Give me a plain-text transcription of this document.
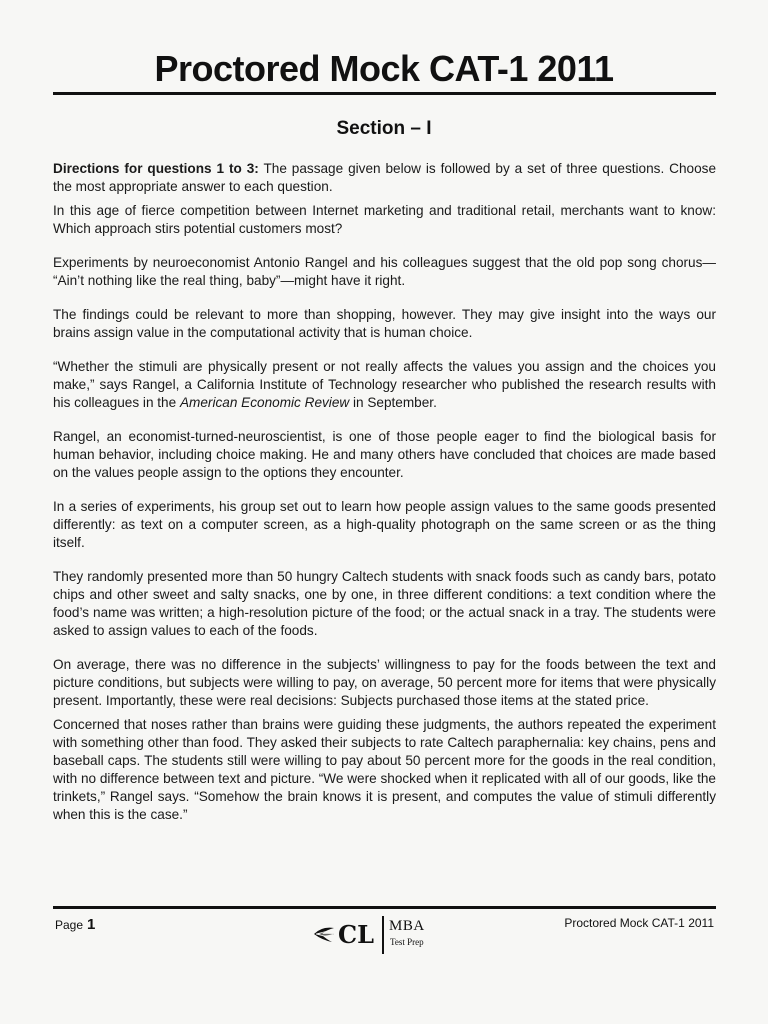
Proctored Mock CAT-1 2011
Section – I

Directions for questions 1 to 3: The passage given below is followed by a set of three questions. Choose the most appropriate answer to each question.

In this age of fierce competition between Internet marketing and traditional retail, merchants want to know: Which approach stirs potential customers most?

Experiments by neuroeconomist Antonio Rangel and his colleagues suggest that the old pop song chorus— “Ain’t nothing like the real thing, baby”—might have it right.

The findings could be relevant to more than shopping, however. They may give insight into the ways our brains assign value in the computational activity that is human choice.

“Whether the stimuli are physically present or not really affects the values you assign and the choices you make,” says Rangel, a California Institute of Technology researcher who published the research results with his colleagues in the American Economic Review in September.

Rangel, an economist-turned-neuroscientist, is one of those people eager to find the biological basis for human behavior, including choice making. He and many others have concluded that choices are made based on the values people assign to the options they encounter.

In a series of experiments, his group set out to learn how people assign values to the same goods presented differently: as text on a computer screen, as a high-quality photograph on the same screen or as the thing itself.

They randomly presented more than 50 hungry Caltech students with snack foods such as candy bars, potato chips and other sweet and salty snacks, one by one, in three different conditions: a text condition where the food’s name was written; a high-resolution picture of the food; or the actual snack in a tray. The students were asked to assign values to each of the foods.

On average, there was no difference in the subjects’ willingness to pay for the foods between the text and picture conditions, but subjects were willing to pay, on average, 50 percent more for items that were physically present. Importantly, these were real decisions: Subjects purchased those items at the stated price.

Concerned that noses rather than brains were guiding these judgments, the authors repeated the experiment with something other than food. They asked their subjects to rate Caltech paraphernalia: key chains, pens and baseball caps. The students still were willing to pay about 50 percent more for the goods in the real condition, with no difference between text and picture. “We were shocked when it replicated with all of our goods, like the trinkets,” Rangel says. “Somehow the brain knows it is present, and computes the value of stimuli differently when this is the case.”

Page 1	CL MBA
Test Prep
Proctored Mock CAT-1 2011
